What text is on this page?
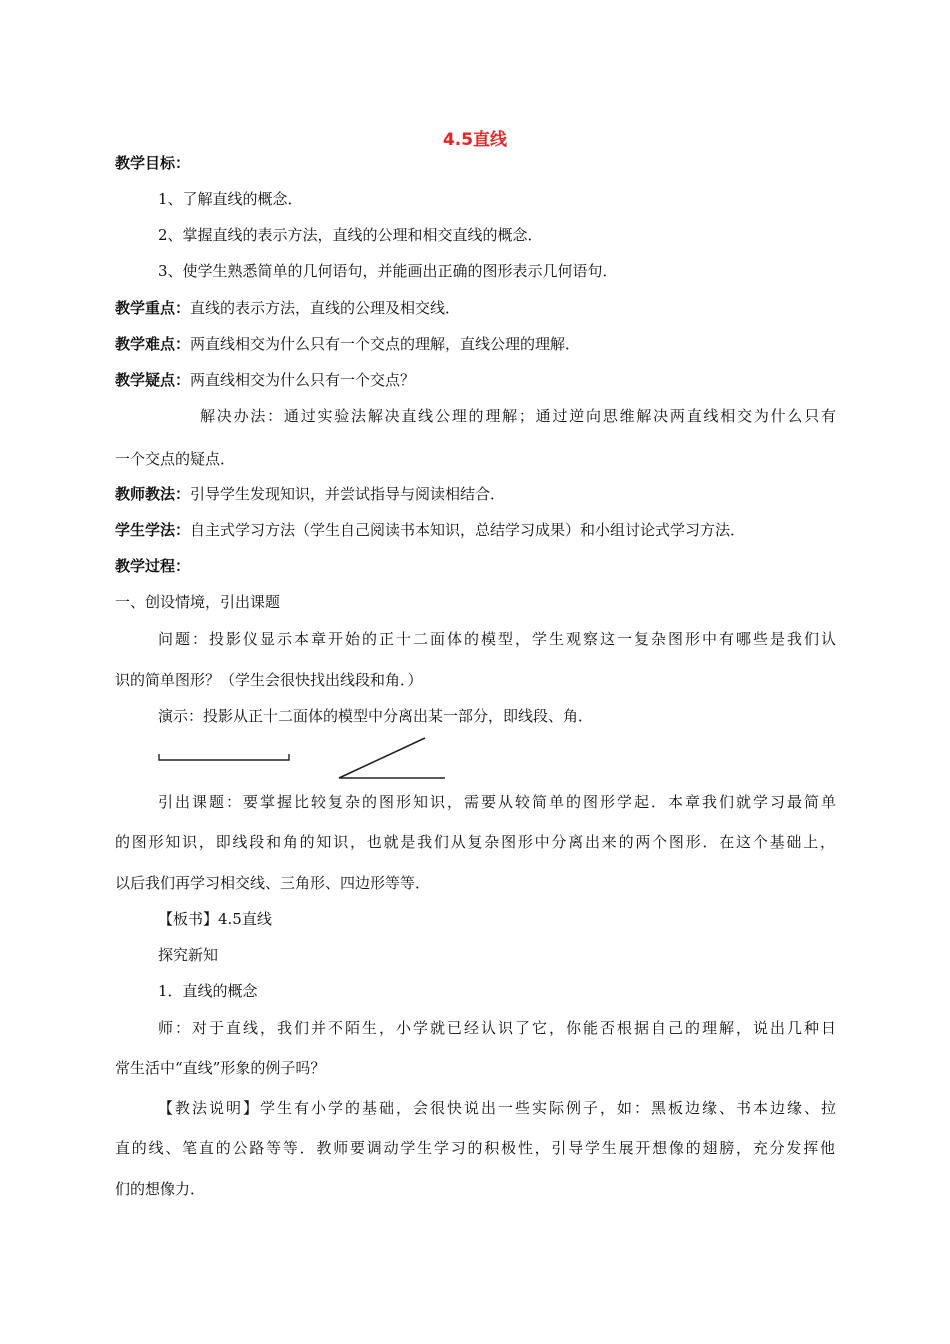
4.5直线
教学目标：
1、了解直线的概念．
2、掌握直线的表示方法，直线的公理和相交直线的概念．
3、使学生熟悉简单的几何语句，并能画出正确的图形表示几何语句．
教学重点：直线的表示方法，直线的公理及相交线．
教学难点：两直线相交为什么只有一个交点的理解，直线公理的理解．
教学疑点：两直线相交为什么只有一个交点？
解决办法：通过实验法解决直线公理的理解；通过逆向思维解决两直线相交为什么只有
一个交点的疑点．
教师教法：引导学生发现知识，并尝试指导与阅读相结合．
学生学法：自主式学习方法（学生自己阅读书本知识，总结学习成果）和小组讨论式学习方法．
教学过程：
一、创设情境，引出课题
问题：投影仪显示本章开始的正十二面体的模型，学生观察这一复杂图形中有哪些是我们认
识的简单图形？（学生会很快找出线段和角．）
演示：投影从正十二面体的模型中分离出某一部分，即线段、角．
引出课题：要掌握比较复杂的图形知识，需要从较简单的图形学起．本章我们就学习最简单
的图形知识，即线段和角的知识，也就是我们从复杂图形中分离出来的两个图形．在这个基础上，
以后我们再学习相交线、三角形、四边形等等．
【板书】4.5直线
探究新知
1．直线的概念
师：对于直线，我们并不陌生，小学就已经认识了它，你能否根据自己的理解，说出几种日
常生活中“直线”形象的例子吗？
【教法说明】学生有小学的基础，会很快说出一些实际例子，如：黑板边缘、书本边缘、拉
直的线、笔直的公路等等．教师要调动学生学习的积极性，引导学生展开想像的翅膀，充分发挥他
们的想像力．
